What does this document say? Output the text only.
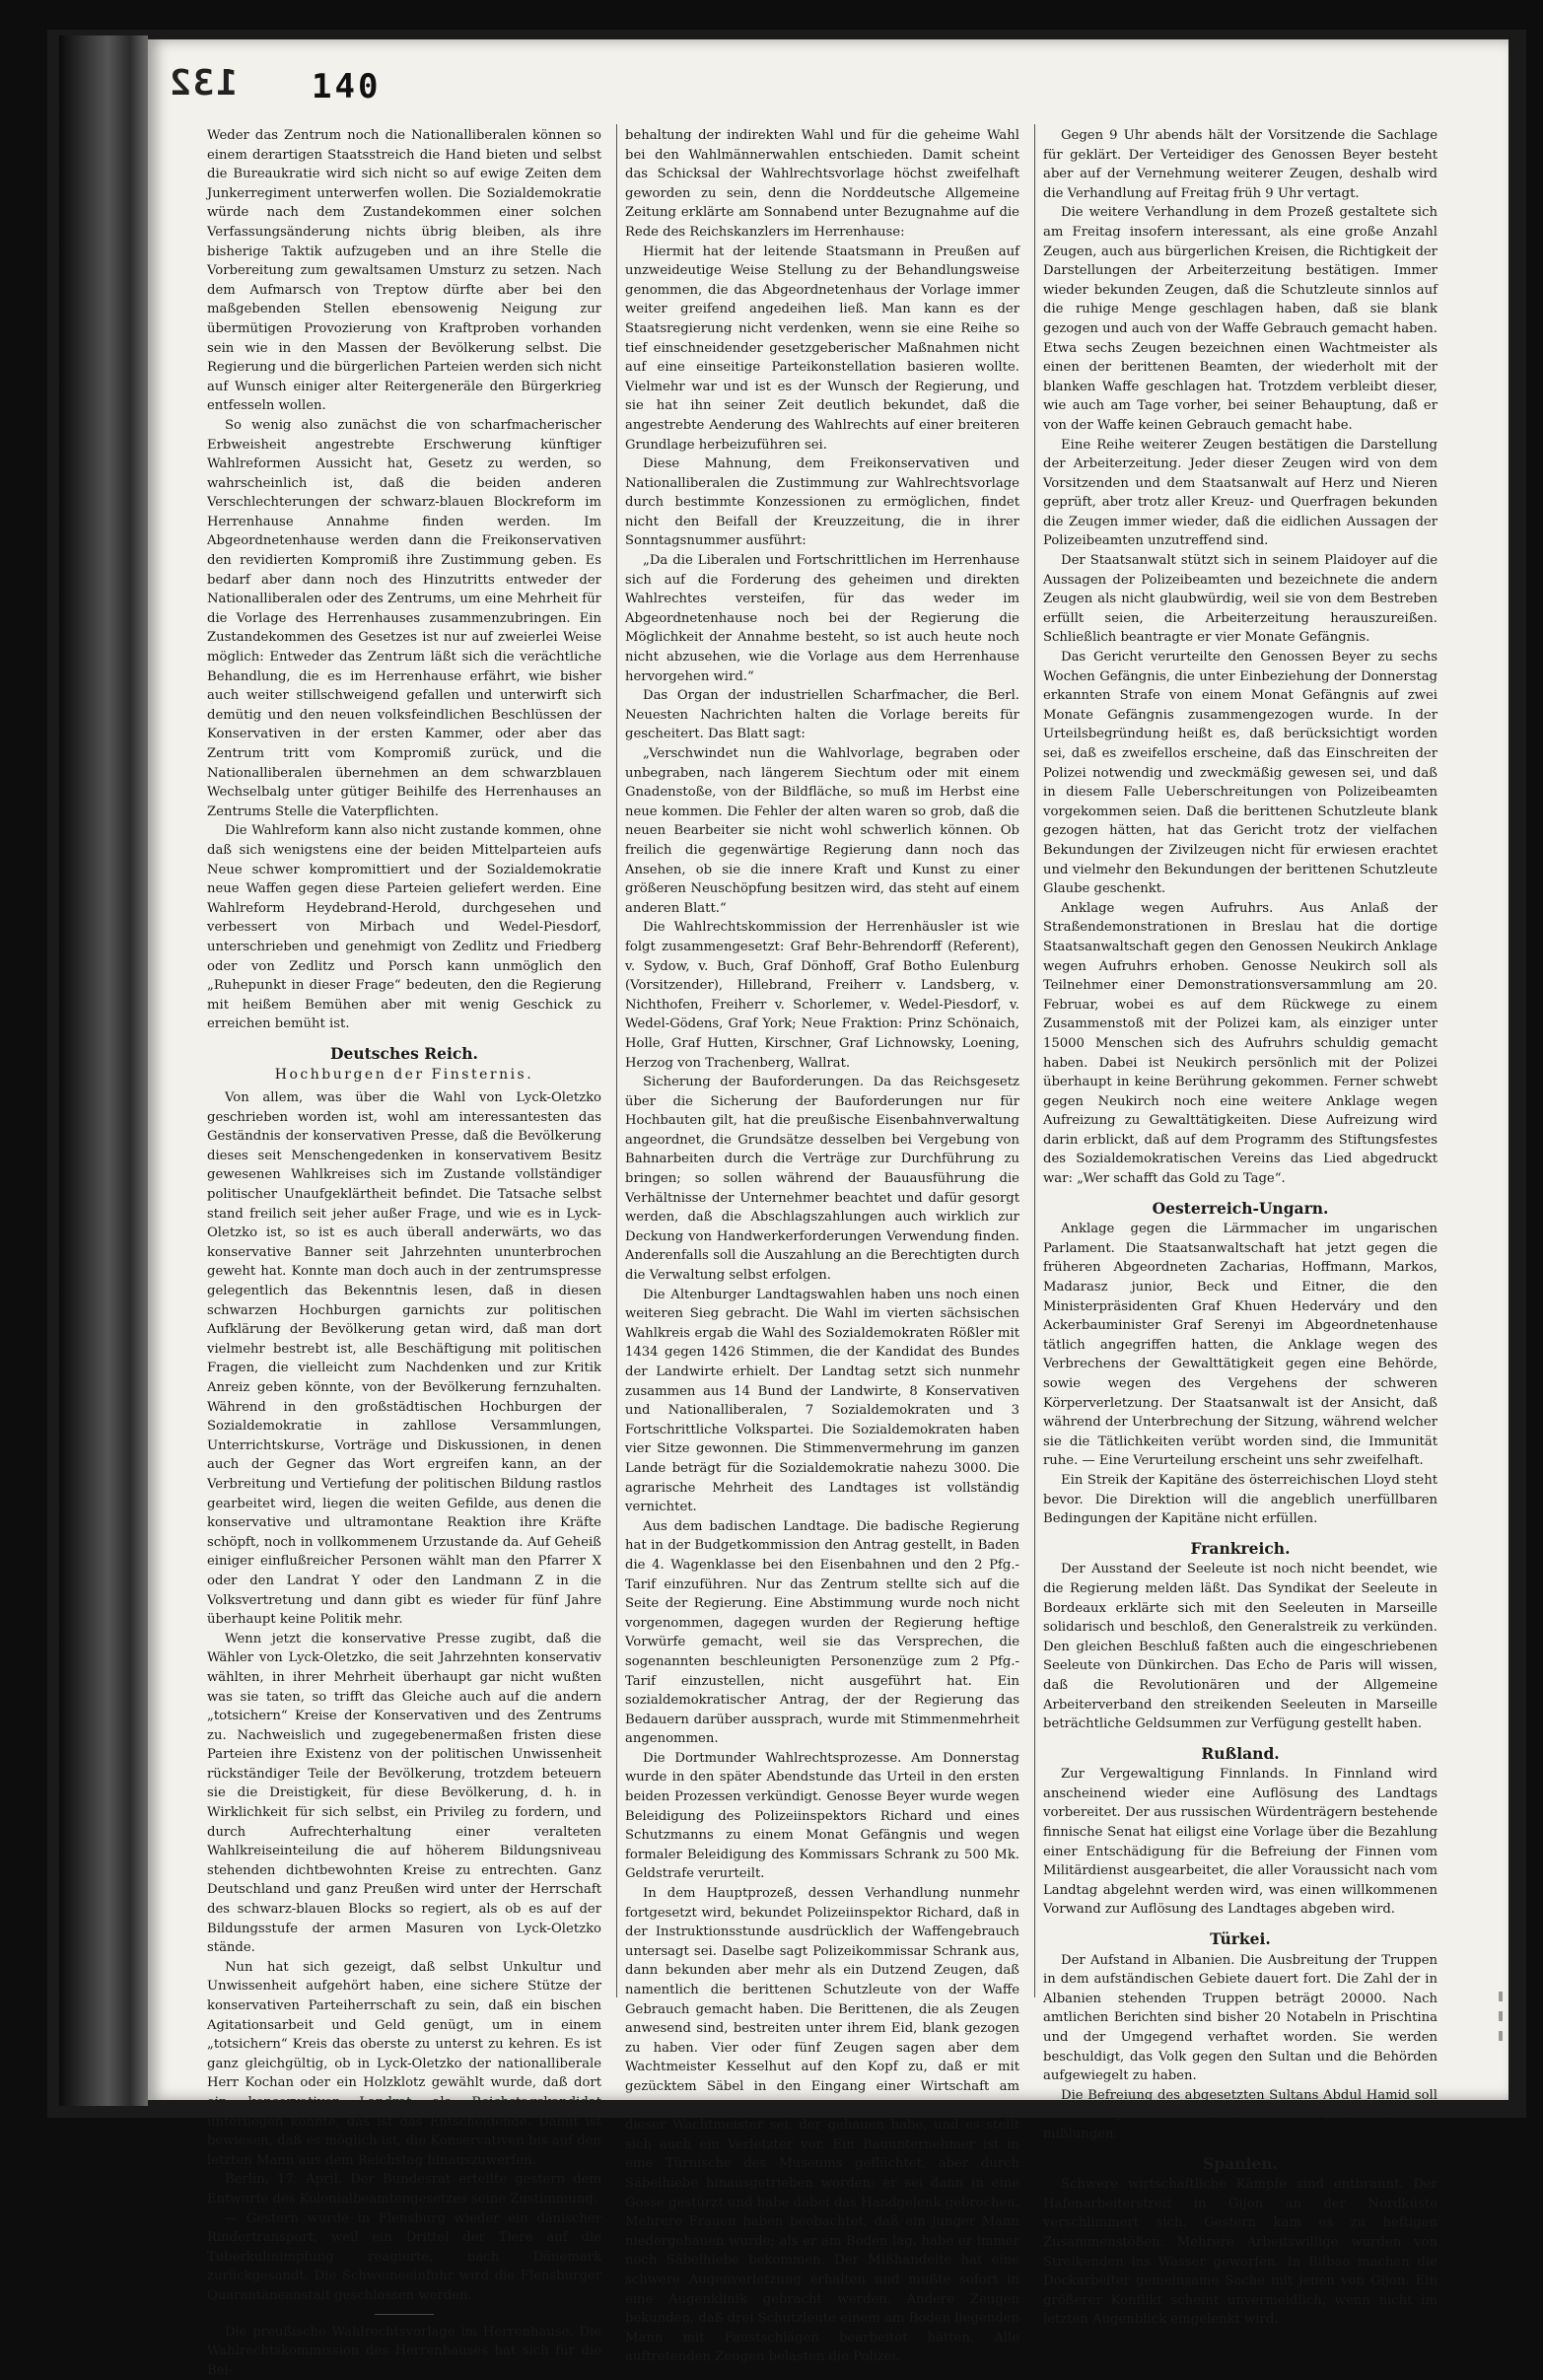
132 140

Weder das Zentrum noch die Nationalliberalen können so einem derartigen Staatsstreich die Hand bieten und selbst die Bureaukratie wird sich nicht so auf ewige Zeiten dem Junkerregiment unterwerfen wollen. Die Sozialdemokratie würde nach dem Zustandekommen einer solchen Verfassungsänderung nichts übrig bleiben, als ihre bisherige Taktik aufzugeben und an ihre Stelle die Vorbereitung zum gewaltsamen Umsturz zu setzen. Nach dem Aufmarsch von Treptow dürfte aber bei den maßgebenden Stellen ebensowenig Neigung zur übermütigen Provozierung von Kraftproben vorhanden sein wie in den Massen der Bevölkerung selbst. Die Regierung und die bürgerlichen Parteien werden sich nicht auf Wunsch einiger alter Reitergeneräle den Bürgerkrieg entfesseln wollen.

So wenig also zunächst die von scharfmacherischer Erbweisheit angestrebte Erschwerung künftiger Wahlreformen Aussicht hat, Gesetz zu werden, so wahrscheinlich ist, daß die beiden anderen Verschlechterungen der schwarz-blauen Blockreform im Herrenhause Annahme finden werden. Im Abgeordnetenhause werden dann die Freikonservativen den revidierten Kompromiß ihre Zustimmung geben. Es bedarf aber dann noch des Hinzutritts entweder der Nationalliberalen oder des Zentrums, um eine Mehrheit für die Vorlage des Herrenhauses zusammenzubringen. Ein Zustandekommen des Gesetzes ist nur auf zweierlei Weise möglich: Entweder das Zentrum läßt sich die verächtliche Behandlung, die es im Herrenhause erfährt, wie bisher auch weiter stillschweigend gefallen und unterwirft sich demütig und den neuen volksfeindlichen Beschlüssen der Konservativen in der ersten Kammer, oder aber das Zentrum tritt vom Kompromiß zurück, und die Nationalliberalen übernehmen an dem schwarzblauen Wechselbalg unter gütiger Beihilfe des Herrenhauses an Zentrums Stelle die Vaterpflichten.

Die Wahlreform kann also nicht zustande kommen, ohne daß sich wenigstens eine der beiden Mittelparteien aufs Neue schwer kompromittiert und der Sozialdemokratie neue Waffen gegen diese Parteien geliefert werden. Eine Wahlreform Heydebrand-Herold, durchgesehen und verbessert von Mirbach und Wedel-Piesdorf, unterschrieben und genehmigt von Zedlitz und Friedberg oder von Zedlitz und Porsch kann unmöglich den „Ruhepunkt in dieser Frage“ bedeuten, den die Regierung mit heißem Bemühen aber mit wenig Geschick zu erreichen bemüht ist.

Deutsches Reich.
Hochburgen der Finsternis.

Von allem, was über die Wahl von Lyck-Oletzko geschrieben worden ist, wohl am interessantesten das Geständnis der konservativen Presse, daß die Bevölkerung dieses seit Menschengedenken in konservativem Besitz gewesenen Wahlkreises sich im Zustande vollständiger politischer Unaufgeklärtheit befindet. Die Tatsache selbst stand freilich seit jeher außer Frage, und wie es in Lyck-Oletzko ist, so ist es auch überall anderwärts, wo das konservative Banner seit Jahrzehnten ununterbrochen geweht hat. Konnte man doch auch in der zentrumspresse gelegentlich das Bekenntnis lesen, daß in diesen schwarzen Hochburgen garnichts zur politischen Aufklärung der Bevölkerung getan wird, daß man dort vielmehr bestrebt ist, alle Beschäftigung mit politischen Fragen, die vielleicht zum Nachdenken und zur Kritik Anreiz geben könnte, von der Bevölkerung fernzuhalten. Während in den großstädtischen Hochburgen der Sozialdemokratie in zahllose Versammlungen, Unterrichtskurse, Vorträge und Diskussionen, in denen auch der Gegner das Wort ergreifen kann, an der Verbreitung und Vertiefung der politischen Bildung rastlos gearbeitet wird, liegen die weiten Gefilde, aus denen die konservative und ultramontane Reaktion ihre Kräfte schöpft, noch in vollkommenem Urzustande da. Auf Geheiß einiger einflußreicher Personen wählt man den Pfarrer X oder den Landrat Y oder den Landmann Z in die Volksvertretung und dann gibt es wieder für fünf Jahre überhaupt keine Politik mehr.

Wenn jetzt die konservative Presse zugibt, daß die Wähler von Lyck-Oletzko, die seit Jahrzehnten konservativ wählten, in ihrer Mehrheit überhaupt gar nicht wußten was sie taten, so trifft das Gleiche auch auf die andern „totsichern“ Kreise der Konservativen und des Zentrums zu. Nachweislich und zugegebenermaßen fristen diese Parteien ihre Existenz von der politischen Unwissenheit rückständiger Teile der Bevölkerung, trotzdem beteuern sie die Dreistigkeit, für diese Bevölkerung, d. h. in Wirklichkeit für sich selbst, ein Privileg zu fordern, und durch Aufrechterhaltung einer veralteten Wahlkreiseinteilung die auf höherem Bildungsniveau stehenden dichtbewohnten Kreise zu entrechten. Ganz Deutschland und ganz Preußen wird unter der Herrschaft des schwarz-blauen Blocks so regiert, als ob es auf der Bildungsstufe der armen Masuren von Lyck-Oletzko stände.

Nun hat sich gezeigt, daß selbst Unkultur und Unwissenheit aufgehört haben, eine sichere Stütze der konservativen Parteiherrschaft zu sein, daß ein bischen Agitationsarbeit und Geld genügt, um in einem „totsichern“ Kreis das oberste zu unterst zu kehren. Es ist ganz gleichgültig, ob in Lyck-Oletzko der nationalliberale Herr Kochan oder ein Holzklotz gewählt wurde, daß dort ein konservativer Landrat als Reichstagskandidat unterliegen konnte, das ist das Entscheidende. Damit ist bewiesen, daß es möglich ist, die Konservativen bis auf den letzten Mann aus dem Reichstag hinauszuwerfen.

Berlin, 17. April. Der Bundesrat erteilte gestern dem Entwurfe des Kolonialbeamtengesetzes seine Zustimmung.

— Gestern wurde in Flensburg wieder ein dänischer Rindertransport, weil ein Drittel der Tiere auf die Tuberkulinimpfung reagierte, nach Dänemark zurückgesandt. Die Schweineeinfuhr wird die Flensburger Quarantäneanstalt geschlossen werden.

Die preußische Wahlrechtsvorlage im Herrenhause. Die Wahlrechtskommission des Herrenhauses hat sich für die Bei-

behaltung der indirekten Wahl und für die geheime Wahl bei den Wahlmännerwahlen entschieden. Damit scheint das Schicksal der Wahlrechtsvorlage höchst zweifelhaft geworden zu sein, denn die Norddeutsche Allgemeine Zeitung erklärte am Sonnabend unter Bezugnahme auf die Rede des Reichskanzlers im Herrenhause:

Hiermit hat der leitende Staatsmann in Preußen auf unzweideutige Weise Stellung zu der Behandlungsweise genommen, die das Abgeordnetenhaus der Vorlage immer weiter greifend angedeihen ließ. Man kann es der Staatsregierung nicht verdenken, wenn sie eine Reihe so tief einschneidender gesetzgeberischer Maßnahmen nicht auf eine einseitige Parteikonstellation basieren wollte. Vielmehr war und ist es der Wunsch der Regierung, und sie hat ihn seiner Zeit deutlich bekundet, daß die angestrebte Aenderung des Wahlrechts auf einer breiteren Grundlage herbeizuführen sei.

Diese Mahnung, dem Freikonservativen und Nationalliberalen die Zustimmung zur Wahlrechtsvorlage durch bestimmte Konzessionen zu ermöglichen, findet nicht den Beifall der Kreuzzeitung, die in ihrer Sonntagsnummer ausführt:

„Da die Liberalen und Fortschrittlichen im Herrenhause sich auf die Forderung des geheimen und direkten Wahlrechtes versteifen, für das weder im Abgeordnetenhause noch bei der Regierung die Möglichkeit der Annahme besteht, so ist auch heute noch nicht abzusehen, wie die Vorlage aus dem Herrenhause hervorgehen wird.“

Das Organ der industriellen Scharfmacher, die Berl. Neuesten Nachrichten halten die Vorlage bereits für gescheitert. Das Blatt sagt:

„Verschwindet nun die Wahlvorlage, begraben oder unbegraben, nach längerem Siechtum oder mit einem Gnadenstoße, von der Bildfläche, so muß im Herbst eine neue kommen. Die Fehler der alten waren so grob, daß die neuen Bearbeiter sie nicht wohl schwerlich können. Ob freilich die gegenwärtige Regierung dann noch das Ansehen, ob sie die innere Kraft und Kunst zu einer größeren Neuschöpfung besitzen wird, das steht auf einem anderen Blatt.“

Die Wahlrechtskommission der Herrenhäusler ist wie folgt zusammengesetzt: Graf Behr-Behrendorff (Referent), v. Sydow, v. Buch, Graf Dönhoff, Graf Botho Eulenburg (Vorsitzender), Hillebrand, Freiherr v. Landsberg, v. Nichthofen, Freiherr v. Schorlemer, v. Wedel-Piesdorf, v. Wedel-Gödens, Graf York; Neue Fraktion: Prinz Schönaich, Holle, Graf Hutten, Kirschner, Graf Lichnowsky, Loening, Herzog von Trachenberg, Wallrat.

Sicherung der Bauforderungen. Da das Reichsgesetz über die Sicherung der Bauforderungen nur für Hochbauten gilt, hat die preußische Eisenbahnverwaltung angeordnet, die Grundsätze desselben bei Vergebung von Bahnarbeiten durch die Verträge zur Durchführung zu bringen; so sollen während der Bauausführung die Verhältnisse der Unternehmer beachtet und dafür gesorgt werden, daß die Abschlagszahlungen auch wirklich zur Deckung von Handwerkerforderungen Verwendung finden. Anderenfalls soll die Auszahlung an die Berechtigten durch die Verwaltung selbst erfolgen.

Die Altenburger Landtagswahlen haben uns noch einen weiteren Sieg gebracht. Die Wahl im vierten sächsischen Wahlkreis ergab die Wahl des Sozialdemokraten Rößler mit 1434 gegen 1426 Stimmen, die der Kandidat des Bundes der Landwirte erhielt. Der Landtag setzt sich nunmehr zusammen aus 14 Bund der Landwirte, 8 Konservativen und Nationalliberalen, 7 Sozialdemokraten und 3 Fortschrittliche Volkspartei. Die Sozialdemokraten haben vier Sitze gewonnen. Die Stimmenvermehrung im ganzen Lande beträgt für die Sozialdemokratie nahezu 3000. Die agrarische Mehrheit des Landtages ist vollständig vernichtet.

Aus dem badischen Landtage. Die badische Regierung hat in der Budgetkommission den Antrag gestellt, in Baden die 4. Wagenklasse bei den Eisenbahnen und den 2 Pfg.-Tarif einzuführen. Nur das Zentrum stellte sich auf die Seite der Regierung. Eine Abstimmung wurde noch nicht vorgenommen, dagegen wurden der Regierung heftige Vorwürfe gemacht, weil sie das Versprechen, die sogenannten beschleunigten Personenzüge zum 2 Pfg.-Tarif einzustellen, nicht ausgeführt hat. Ein sozialdemokratischer Antrag, der der Regierung das Bedauern darüber aussprach, wurde mit Stimmenmehrheit angenommen.

Die Dortmunder Wahlrechtsprozesse. Am Donnerstag wurde in den später Abendstunde das Urteil in den ersten beiden Prozessen verkündigt. Genosse Beyer wurde wegen Beleidigung des Polizeiinspektors Richard und eines Schutzmanns zu einem Monat Gefängnis und wegen formaler Beleidigung des Kommissars Schrank zu 500 Mk. Geldstrafe verurteilt.

In dem Hauptprozeß, dessen Verhandlung nunmehr fortgesetzt wird, bekundet Polizeiinspektor Richard, daß in der Instruktionsstunde ausdrücklich der Waffengebrauch untersagt sei. Daselbe sagt Polizeikommissar Schrank aus, dann bekunden aber mehr als ein Dutzend Zeugen, daß namentlich die berittenen Schutzleute von der Waffe Gebrauch gemacht haben. Die Berittenen, die als Zeugen anwesend sind, bestreiten unter ihrem Eid, blank gezogen zu haben. Vier oder fünf Zeugen sagen aber dem Wachtmeister Kesselhut auf den Kopf zu, daß er mit gezücktem Säbel in den Eingang einer Wirtschaft am Markt geritten sei. Sie bekunden auch, daß es gerade dieser Wachtmeister sei, der gehauen habe, und es stellt sich auch ein Verletzter vor. Ein Bauunternehmer ist in eine Türnische des Museums geflüchtet, aber durch Säbelhiebe hinausgetrieben worden; er sei dann in eine Gosse gestürzt und habe dabei das Handgelenk gebrochen. Mehrere Frauen haben beobachtet, daß ein junger Mann niedergehauen wurde; als er am Boden lag, habe er immer noch Säbelhiebe bekommen. Der Mißhandelte hat eine schwere Augenverletzung erhalten und mußte sofort in eine Augenklinik gebracht werden. Andere Zeugen bekunden, daß drei Schutzleute einem am Boden liegenden Mann mit Faustschlägen bearbeitet hätten. Alle auftretenden Zeugen belasten die Polizei.

Gegen 9 Uhr abends hält der Vorsitzende die Sachlage für geklärt. Der Verteidiger des Genossen Beyer besteht aber auf der Vernehmung weiterer Zeugen, deshalb wird die Verhandlung auf Freitag früh 9 Uhr vertagt.

Die weitere Verhandlung in dem Prozeß gestaltete sich am Freitag insofern interessant, als eine große Anzahl Zeugen, auch aus bürgerlichen Kreisen, die Richtigkeit der Darstellungen der Arbeiterzeitung bestätigen. Immer wieder bekunden Zeugen, daß die Schutzleute sinnlos auf die ruhige Menge geschlagen haben, daß sie blank gezogen und auch von der Waffe Gebrauch gemacht haben. Etwa sechs Zeugen bezeichnen einen Wachtmeister als einen der berittenen Beamten, der wiederholt mit der blanken Waffe geschlagen hat. Trotzdem verbleibt dieser, wie auch am Tage vorher, bei seiner Behauptung, daß er von der Waffe keinen Gebrauch gemacht habe.

Eine Reihe weiterer Zeugen bestätigen die Darstellung der Arbeiterzeitung. Jeder dieser Zeugen wird von dem Vorsitzenden und dem Staatsanwalt auf Herz und Nieren geprüft, aber trotz aller Kreuz- und Querfragen bekunden die Zeugen immer wieder, daß die eidlichen Aussagen der Polizeibeamten unzutreffend sind.

Der Staatsanwalt stützt sich in seinem Plaidoyer auf die Aussagen der Polizeibeamten und bezeichnete die andern Zeugen als nicht glaubwürdig, weil sie von dem Bestreben erfüllt seien, die Arbeiterzeitung herauszureißen. Schließlich beantragte er vier Monate Gefängnis.

Das Gericht verurteilte den Genossen Beyer zu sechs Wochen Gefängnis, die unter Einbeziehung der Donnerstag erkannten Strafe von einem Monat Gefängnis auf zwei Monate Gefängnis zusammengezogen wurde. In der Urteilsbegründung heißt es, daß berücksichtigt worden sei, daß es zweifellos erscheine, daß das Einschreiten der Polizei notwendig und zweckmäßig gewesen sei, und daß in diesem Falle Ueberschreitungen von Polizeibeamten vorgekommen seien. Daß die berittenen Schutzleute blank gezogen hätten, hat das Gericht trotz der vielfachen Bekundungen der Zivilzeugen nicht für erwiesen erachtet und vielmehr den Bekundungen der berittenen Schutzleute Glaube geschenkt.

Anklage wegen Aufruhrs. Aus Anlaß der Straßendemonstrationen in Breslau hat die dortige Staatsanwaltschaft gegen den Genossen Neukirch Anklage wegen Aufruhrs erhoben. Genosse Neukirch soll als Teilnehmer einer Demonstrationsversammlung am 20. Februar, wobei es auf dem Rückwege zu einem Zusammenstoß mit der Polizei kam, als einziger unter 15000 Menschen sich des Aufruhrs schuldig gemacht haben. Dabei ist Neukirch persönlich mit der Polizei überhaupt in keine Berührung gekommen. Ferner schwebt gegen Neukirch noch eine weitere Anklage wegen Aufreizung zu Gewalttätigkeiten. Diese Aufreizung wird darin erblickt, daß auf dem Programm des Stiftungsfestes des Sozialdemokratischen Vereins das Lied abgedruckt war: „Wer schafft das Gold zu Tage“.

Oesterreich-Ungarn.

Anklage gegen die Lärmmacher im ungarischen Parlament. Die Staatsanwaltschaft hat jetzt gegen die früheren Abgeordneten Zacharias, Hoffmann, Markos, Madarasz junior, Beck und Eitner, die den Ministerpräsidenten Graf Khuen Hederváry und den Ackerbauminister Graf Serenyi im Abgeordnetenhause tätlich angegriffen hatten, die Anklage wegen des Verbrechens der Gewalttätigkeit gegen eine Behörde, sowie wegen des Vergehens der schweren Körperverletzung. Der Staatsanwalt ist der Ansicht, daß während der Unterbrechung der Sitzung, während welcher sie die Tätlichkeiten verübt worden sind, die Immunität ruhe. — Eine Verurteilung erscheint uns sehr zweifelhaft.

Ein Streik der Kapitäne des österreichischen Lloyd steht bevor. Die Direktion will die angeblich unerfüllbaren Bedingungen der Kapitäne nicht erfüllen.

Frankreich.

Der Ausstand der Seeleute ist noch nicht beendet, wie die Regierung melden läßt. Das Syndikat der Seeleute in Bordeaux erklärte sich mit den Seeleuten in Marseille solidarisch und beschloß, den Generalstreik zu verkünden. Den gleichen Beschluß faßten auch die eingeschriebenen Seeleute von Dünkirchen. Das Echo de Paris will wissen, daß die Revolutionären und der Allgemeine Arbeiterverband den streikenden Seeleuten in Marseille beträchtliche Geldsummen zur Verfügung gestellt haben.

Rußland.

Zur Vergewaltigung Finnlands. In Finnland wird anscheinend wieder eine Auflösung des Landtags vorbereitet. Der aus russischen Würdenträgern bestehende finnische Senat hat eiligst eine Vorlage über die Bezahlung einer Entschädigung für die Befreiung der Finnen vom Militärdienst ausgearbeitet, die aller Voraussicht nach vom Landtag abgelehnt werden wird, was einen willkommenen Vorwand zur Auflösung des Landtages abgeben wird.

Türkei.

Der Aufstand in Albanien. Die Ausbreitung der Truppen in dem aufständischen Gebiete dauert fort. Die Zahl der in Albanien stehenden Truppen beträgt 20000. Nach amtlichen Berichten sind bisher 20 Notabeln in Prischtina und der Umgegend verhaftet worden. Sie werden beschuldigt, das Volk gegen den Sultan und die Behörden aufgewiegelt zu haben.

Die Befreiung des abgesetzten Sultans Abdul Hamid soll dieser Tage wieder versucht worden, aber sie ist mißlungen.

Spanien.

Schwere wirtschaftliche Kämpfe sind entbrannt. Der Hafenarbeiterstreit in Gijon an der Nordküste verschlimmert sich. Gestern kam es zu heftigen Zusammenstößen. Mehrere Arbeitswillige wurden von Streikenden ins Wasser geworfen. In Bilbao machen die Dockarbeiter gemeinsame Sache mit jenen von Gijon. Ein größerer Konflikt scheint unvermeidlich, wenn nicht im letzten Augenblick eingelenkt wird.
